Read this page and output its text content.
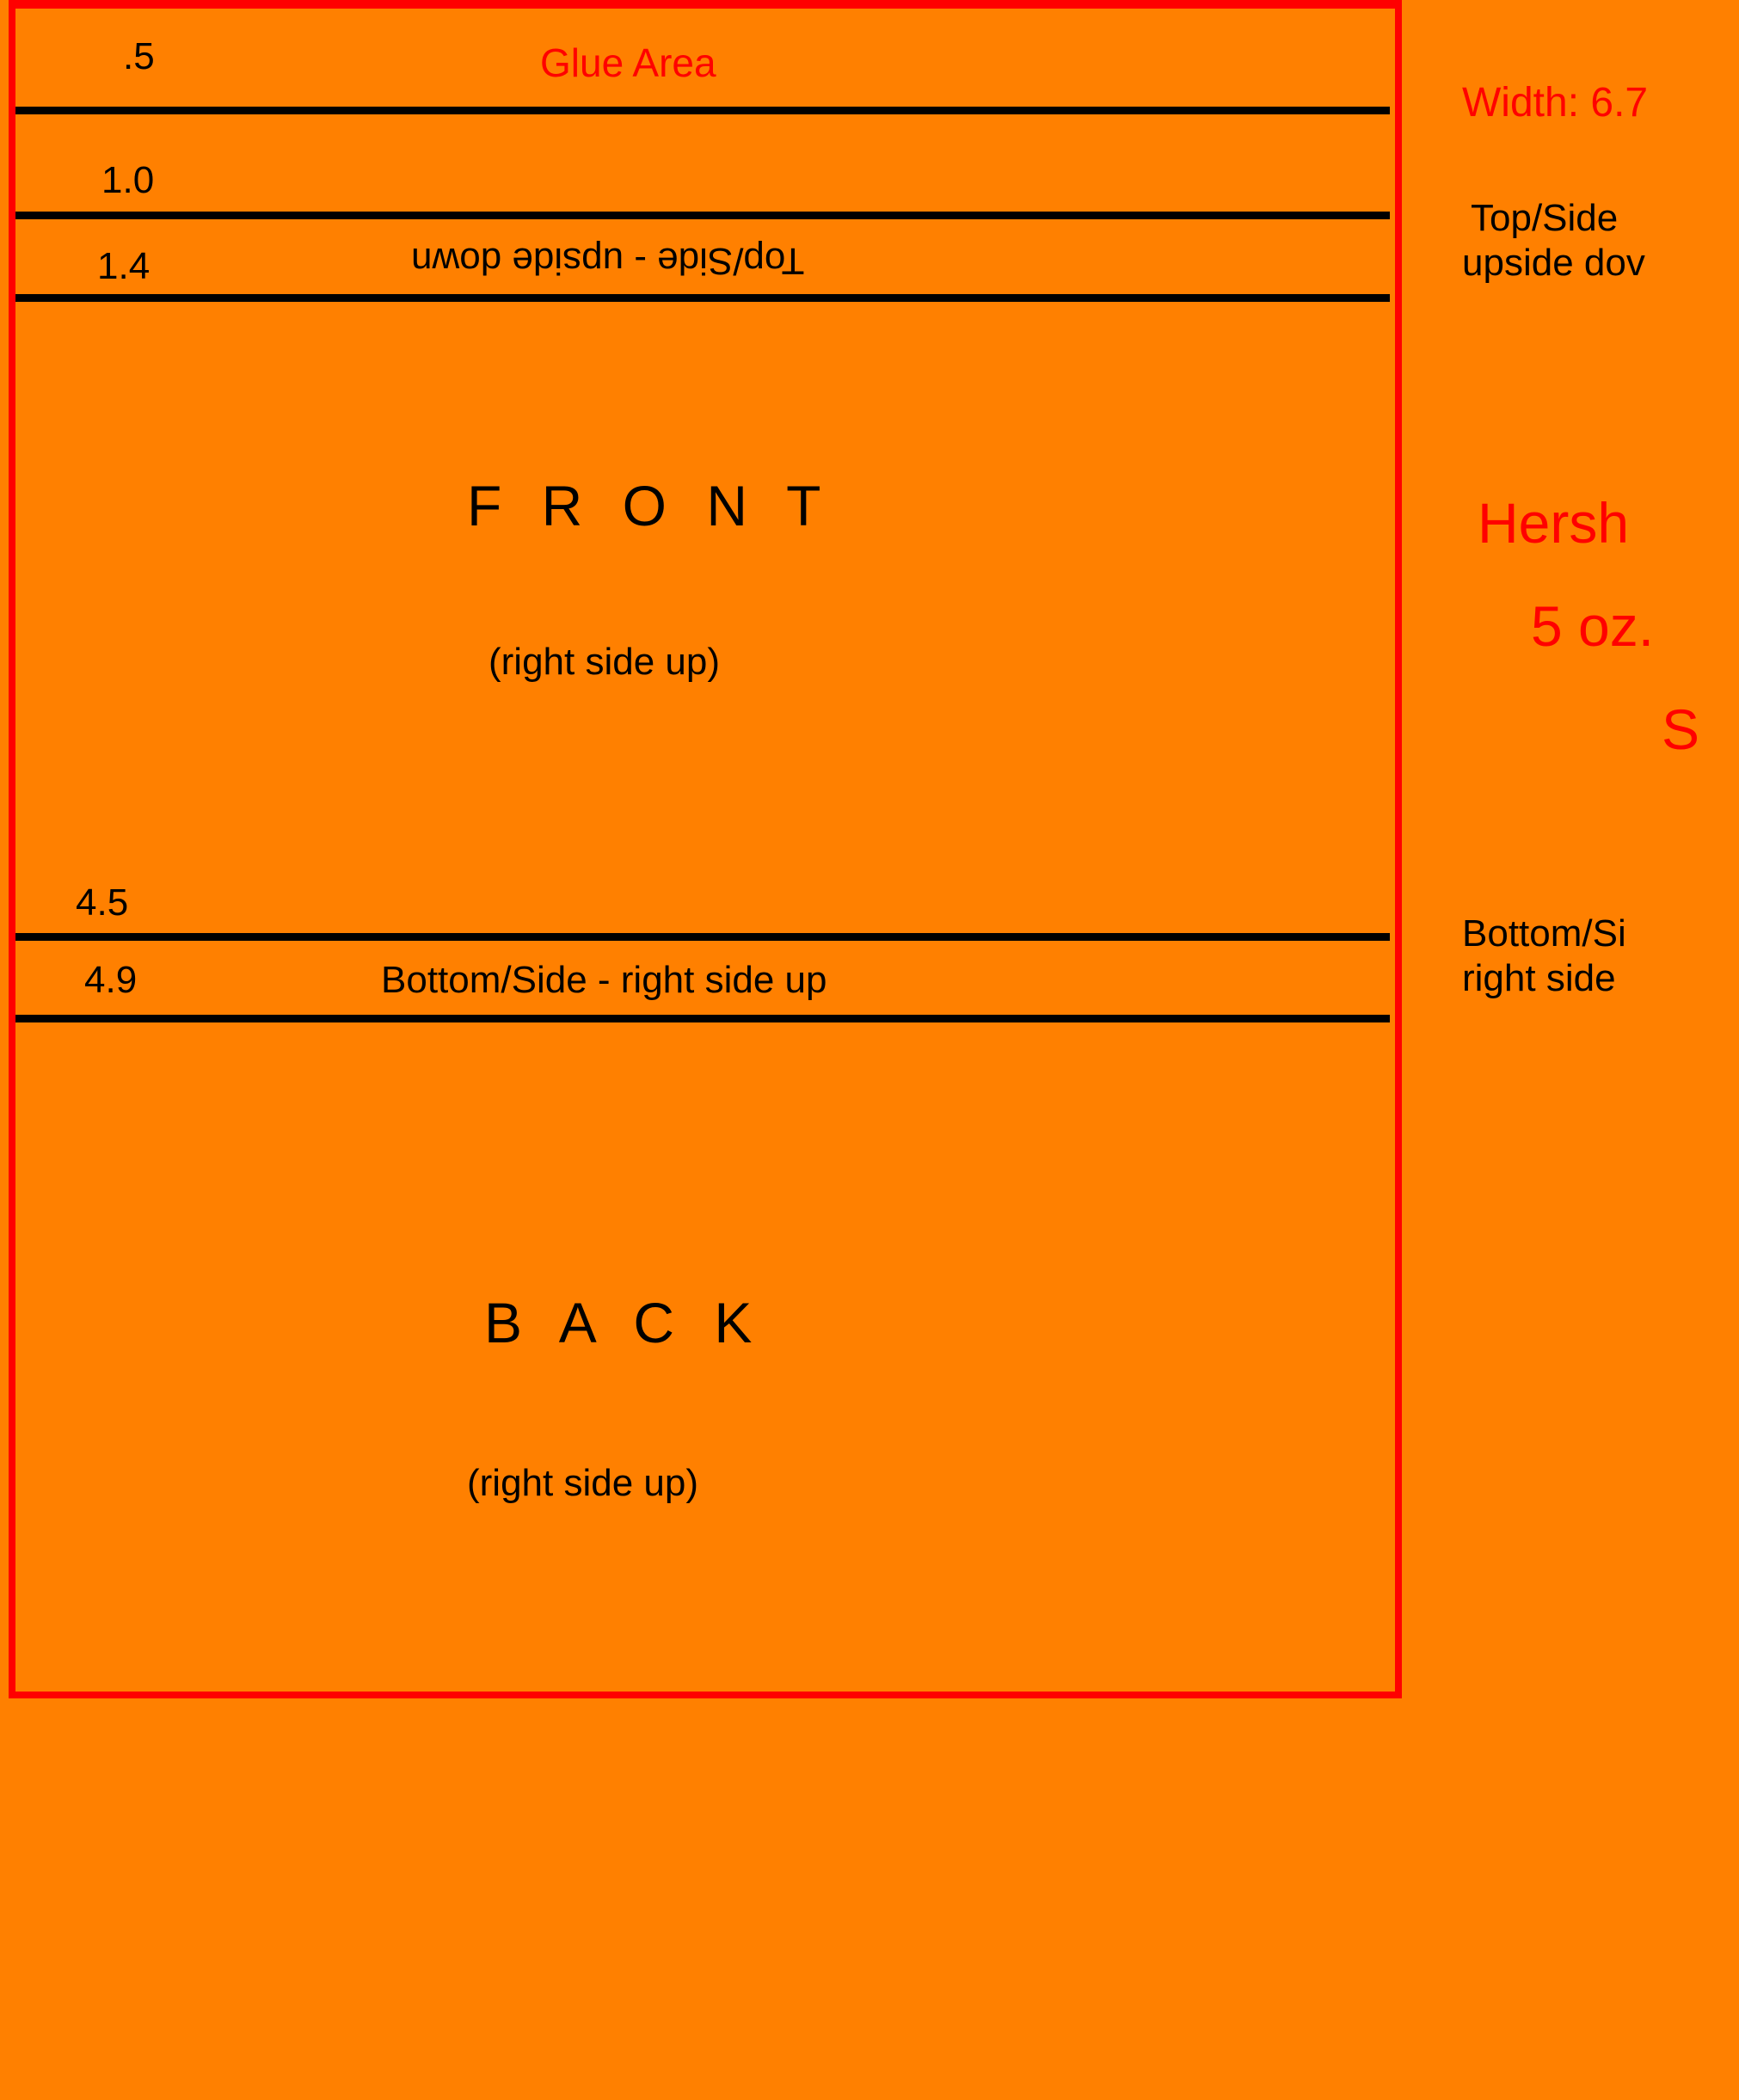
Glue Area
.5
1.0
1.4	Top/Side - upside down
F R O N T
(right side up)
4.5
4.9	Bottom/Side - right side up
B A C K
(right side up)
Width: 6.7
Top/Side
upside dov
Hersh
5 oz.
S
Bottom/Si
right side
